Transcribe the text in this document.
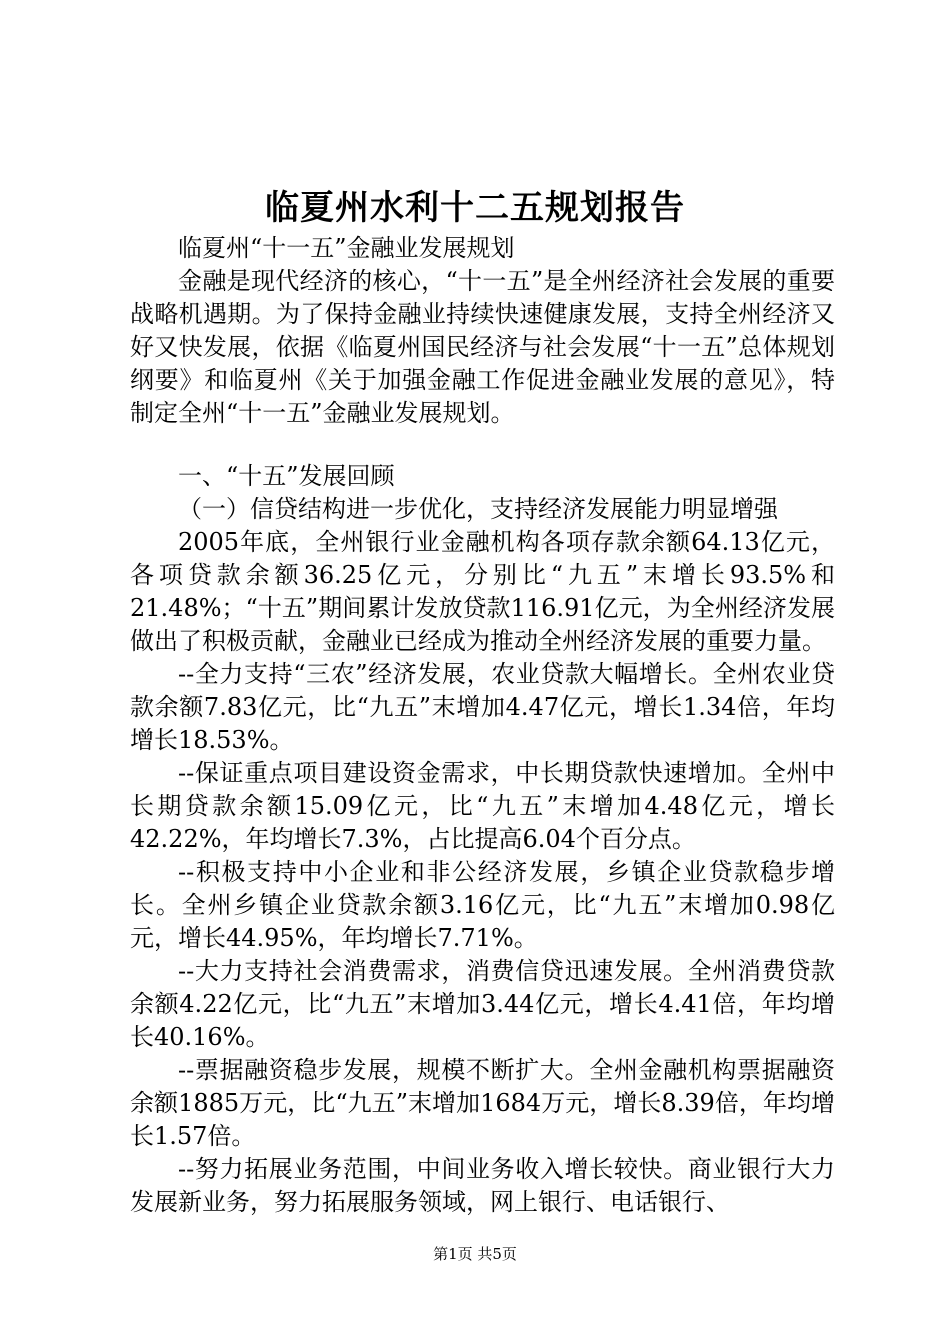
临夏州水利十二五规划报告

临夏州“十一五”金融业发展规划

金融是现代经济的核心，“十一五”是全州经济社会发展的重要战略机遇期。为了保持金融业持续快速健康发展，支持全州经济又好又快发展，依据《临夏州国民经济与社会发展“十一五”总体规划纲要》和临夏州《关于加强金融工作促进金融业发展的意见》，特制定全州“十一五”金融业发展规划。

一、“十五”发展回顾

（一）信贷结构进一步优化，支持经济发展能力明显增强

2005年底，全州银行业金融机构各项存款余额64.13亿元，各项贷款余额36.25亿元，分别比“九五”末增长93.5%和21.48%；“十五”期间累计发放贷款116.91亿元，为全州经济发展做出了积极贡献，金融业已经成为推动全州经济发展的重要力量。

--全力支持“三农”经济发展，农业贷款大幅增长。全州农业贷款余额7.83亿元，比“九五”末增加4.47亿元，增长1.34倍，年均增长18.53%。

--保证重点项目建设资金需求，中长期贷款快速增加。全州中长期贷款余额15.09亿元，比“九五”末增加4.48亿元，增长42.22%，年均增长7.3%，占比提高6.04个百分点。

--积极支持中小企业和非公经济发展，乡镇企业贷款稳步增长。全州乡镇企业贷款余额3.16亿元，比“九五”末增加0.98亿元，增长44.95%，年均增长7.71%。

--大力支持社会消费需求，消费信贷迅速发展。全州消费贷款余额4.22亿元，比“九五”末增加3.44亿元，增长4.41倍，年均增长40.16%。

--票据融资稳步发展，规模不断扩大。全州金融机构票据融资余额1885万元，比“九五”末增加1684万元，增长8.39倍，年均增长1.57倍。

--努力拓展业务范围，中间业务收入增长较快。商业银行大力发展新业务，努力拓展服务领域，网上银行、电话银行、

第1页 共5页
